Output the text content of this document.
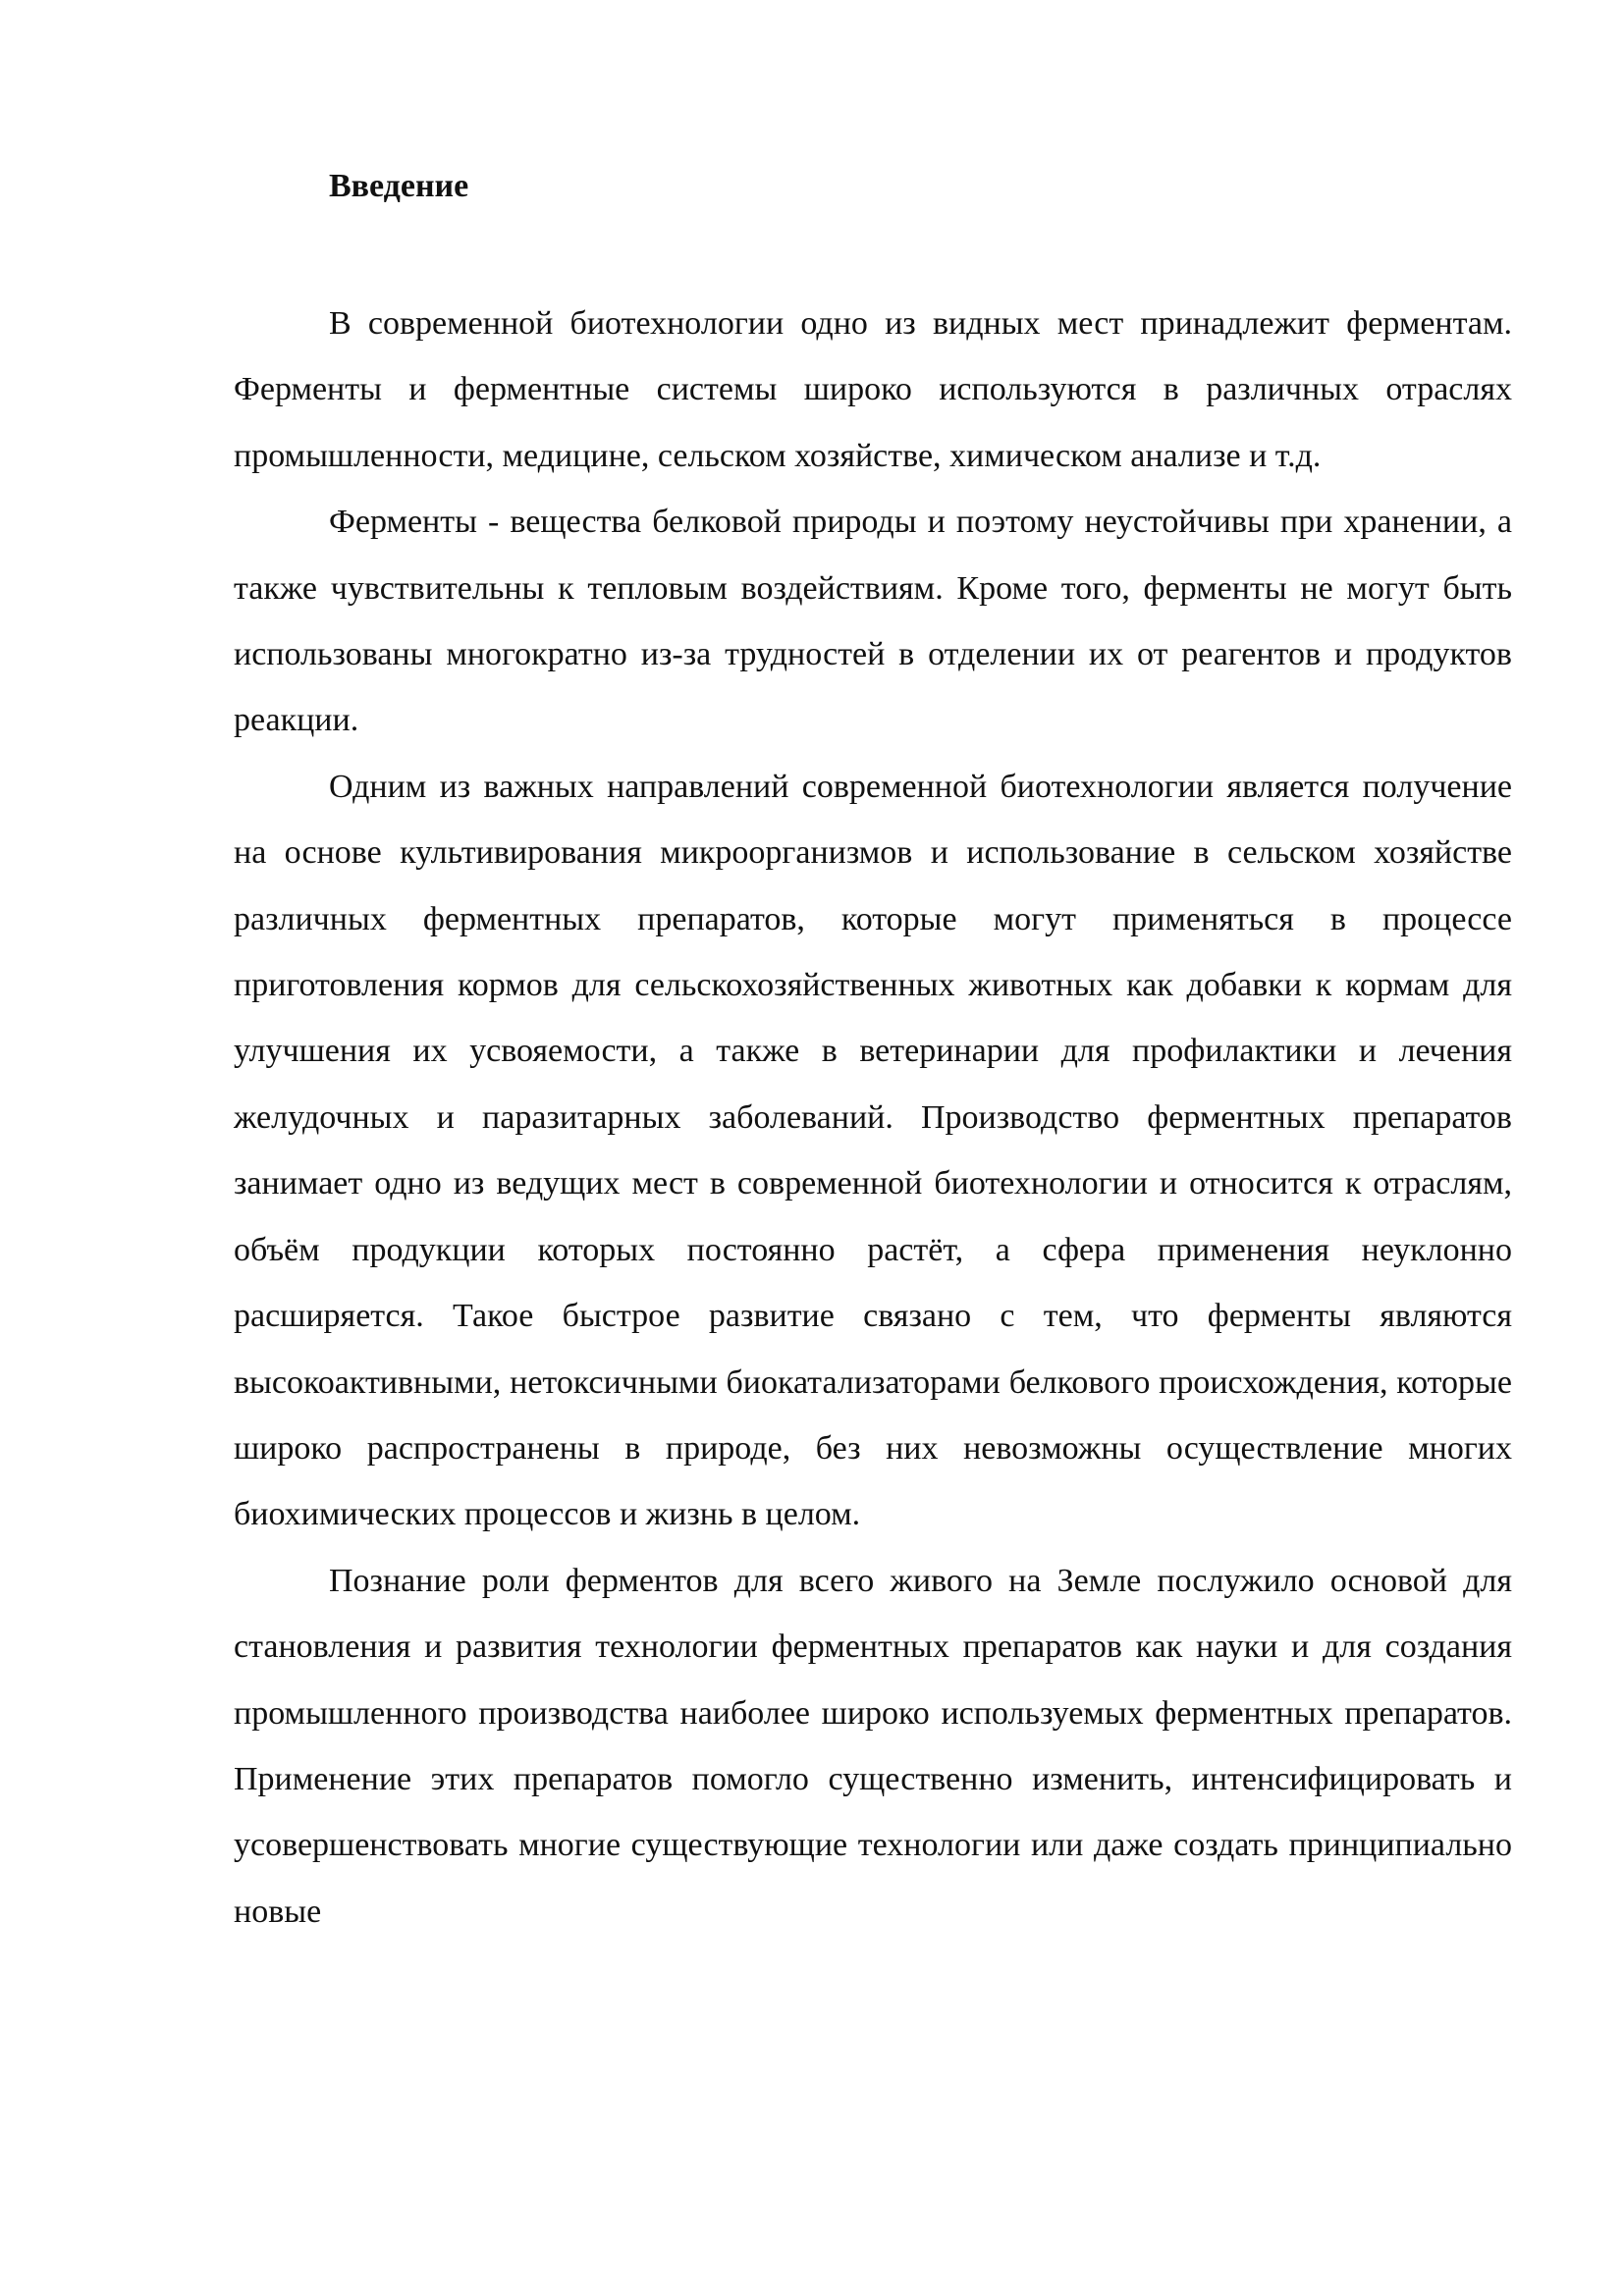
Введение

В современной биотехнологии одно из видных мест принадлежит ферментам. Ферменты и ферментные системы широко используются в различных отраслях промышленности, медицине, сельском хозяйстве, химическом анализе и т.д.

Ферменты - вещества белковой природы и поэтому неустойчивы при хранении, а также чувствительны к тепловым воздействиям. Кроме того, ферменты не могут быть использованы многократно из-за трудностей в отделении их от реагентов и продуктов реакции.

Одним из важных направлений современной биотехнологии является получение на основе культивирования микроорганизмов и использование в сельском хозяйстве различных ферментных препаратов, которые могут применяться в процессе приготовления кормов для сельскохозяйственных животных как добавки к кормам для улучшения их усвояемости, а также в ветеринарии для профилактики и лечения желудочных и паразитарных заболеваний. Производство ферментных препаратов занимает одно из ведущих мест в современной биотехнологии и относится к отраслям, объём продукции которых постоянно растёт, а сфера применения неуклонно расширяется. Такое быстрое развитие связано с тем, что ферменты являются высокоактивными, нетоксичными биокатализаторами белкового происхождения, которые широко распространены в природе, без них невозможны осуществление многих биохимических процессов и жизнь в целом.

Познание роли ферментов для всего живого на Земле послужило основой для становления и развития технологии ферментных препаратов как науки и для создания промышленного производства наиболее широко используемых ферментных препаратов. Применение этих препаратов помогло существенно изменить, интенсифицировать и усовершенствовать многие существующие технологии или даже создать принципиально новые
